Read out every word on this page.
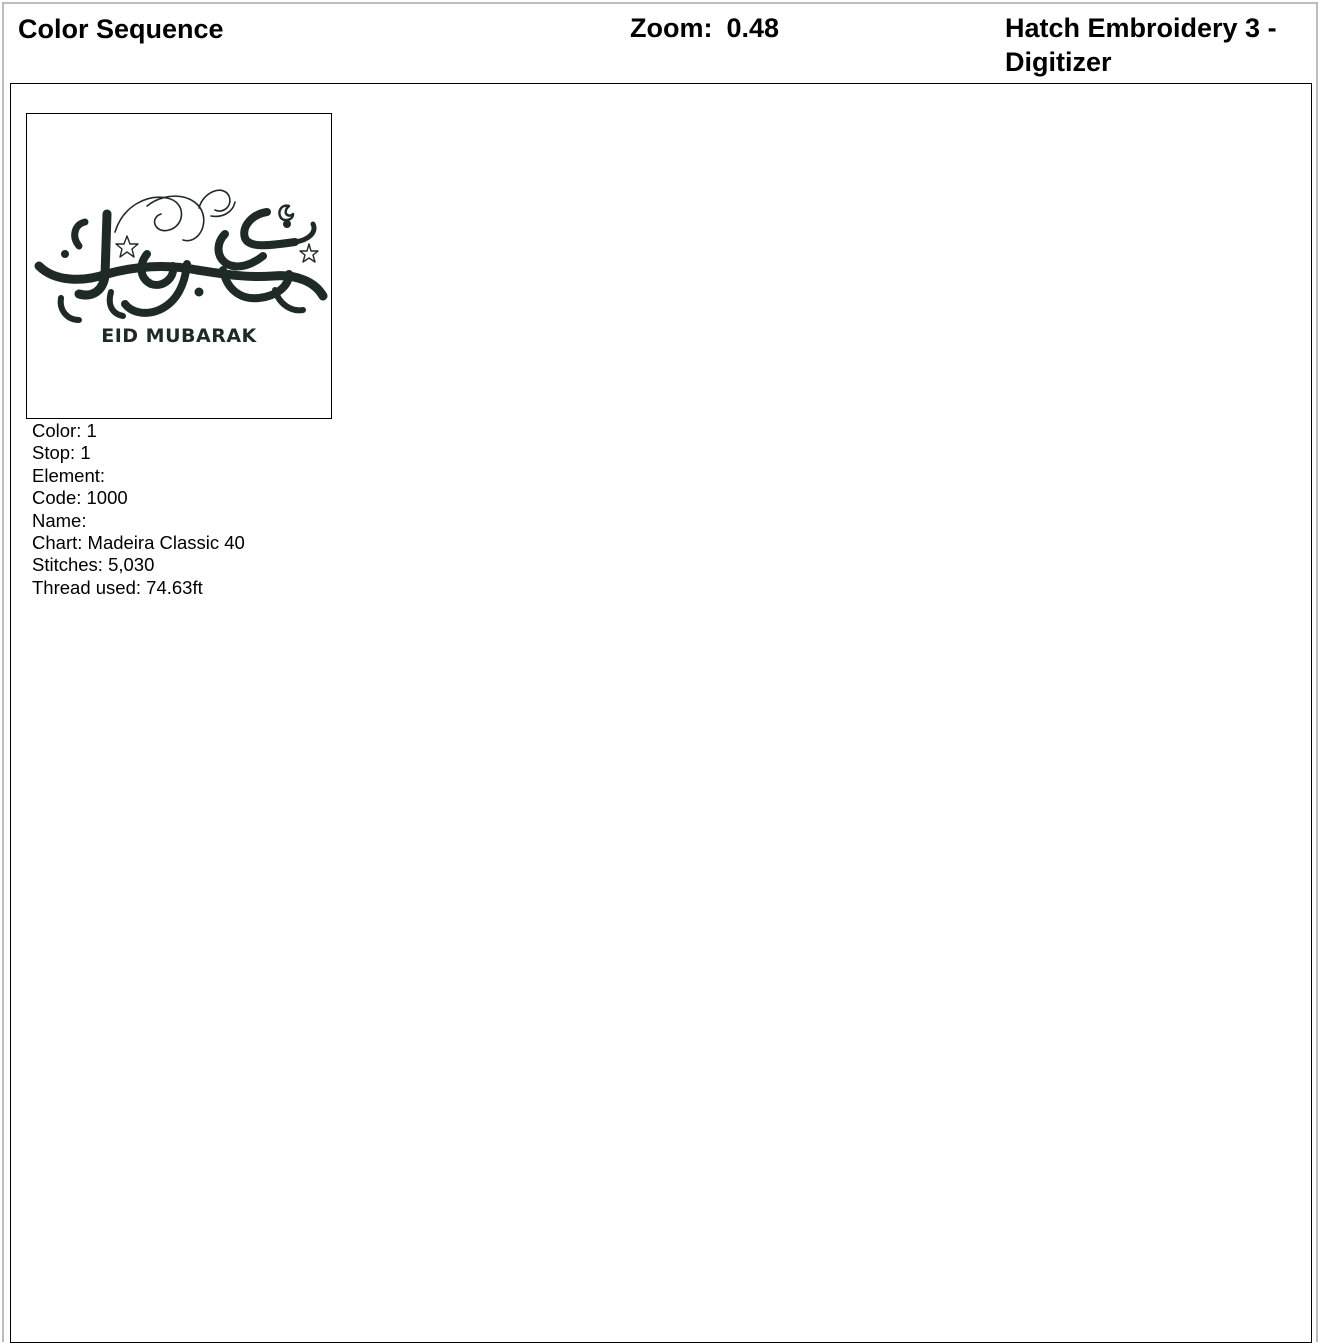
Color Sequence	Zoom: 0.48	Hatch Embroidery 3 -
Digitizer
EID MUBARAK
Color: 1
Stop: 1
Element:
Code: 1000
Name:
Chart: Madeira Classic 40
Stitches: 5,030
Thread used: 74.63ft
